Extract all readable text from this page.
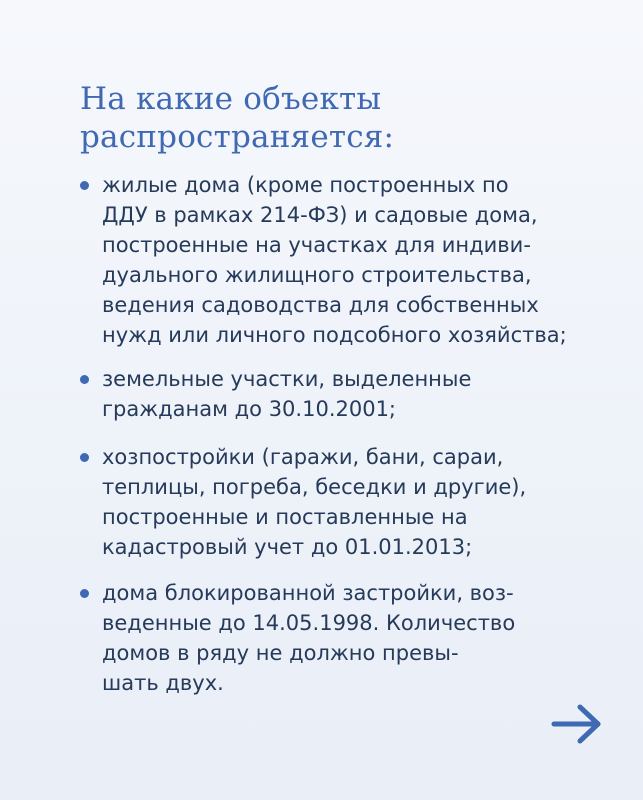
На какие объекты
распространяется:
жилые дома (кроме построенных по
ДДУ в рамках 214-ФЗ) и садовые дома,
построенные на участках для индиви-
дуального жилищного строительства,
ведения садоводства для собственных
нужд или личного подсобного хозяйства;
земельные участки, выделенные
гражданам до 30.10.2001;
хозпостройки (гаражи, бани, сараи,
теплицы, погреба, беседки и другие),
построенные и поставленные на
кадастровый учет до 01.01.2013;
дома блокированной застройки, воз-
веденные до 14.05.1998. Количество
домов в ряду не должно превы-
шать двух.
